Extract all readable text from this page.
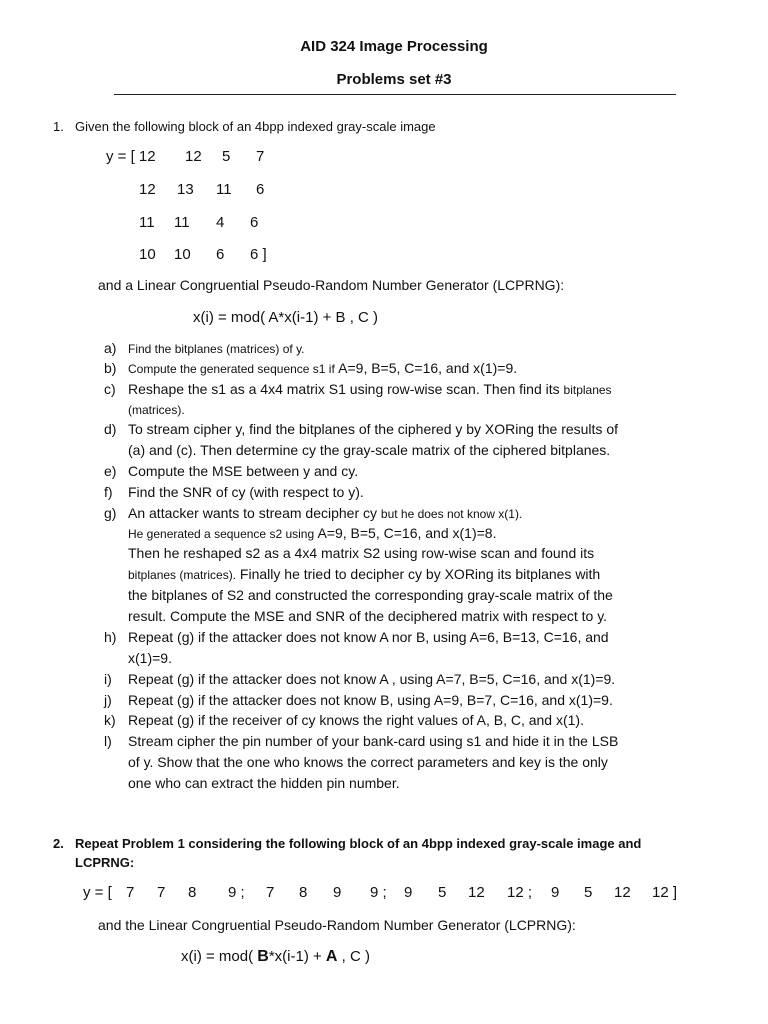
AID 324 Image Processing
Problems set #3
1. Given the following block of an 4bpp indexed gray-scale image
y = [ 12 12 5 7
12 13 11 6
11 11 4 6
10 10 6 6 ]
and a Linear Congruential Pseudo-Random Number Generator (LCPRNG):
x(i) = mod( A*x(i-1) + B , C )
a) Find the bitplanes (matrices) of y.
b) Compute the generated sequence s1 if A=9, B=5, C=16, and x(1)=9.
c) Reshape the s1 as a 4x4 matrix S1 using row-wise scan. Then find its bitplanes
(matrices).
d) To stream cipher y, find the bitplanes of the ciphered y by XORing the results of
(a) and (c). Then determine cy the gray-scale matrix of the ciphered bitplanes.
e) Compute the MSE between y and cy.
f) Find the SNR of cy (with respect to y).
g) An attacker wants to stream decipher cy but he does not know x(1).
He generated a sequence s2 using A=9, B=5, C=16, and x(1)=8.
Then he reshaped s2 as a 4x4 matrix S2 using row-wise scan and found its
bitplanes (matrices). Finally he tried to decipher cy by XORing its bitplanes with
the bitplanes of S2 and constructed the corresponding gray-scale matrix of the
result. Compute the MSE and SNR of the deciphered matrix with respect to y.
h) Repeat (g) if the attacker does not know A nor B, using A=6, B=13, C=16, and
x(1)=9.
i) Repeat (g) if the attacker does not know A , using A=7, B=5, C=16, and x(1)=9.
j) Repeat (g) if the attacker does not know B, using A=9, B=7, C=16, and x(1)=9.
k) Repeat (g) if the receiver of cy knows the right values of A, B, C, and x(1).
l) Stream cipher the pin number of your bank-card using s1 and hide it in the LSB
of y. Show that the one who knows the correct parameters and key is the only
one who can extract the hidden pin number.
2. Repeat Problem 1 considering the following block of an 4bpp indexed gray-scale image and
LCPRNG:
y = [ 7 7 8 9 ; 7 8 9 9 ; 9 5 12 12 ; 9 5 12 12 ]
and the Linear Congruential Pseudo-Random Number Generator (LCPRNG):
x(i) = mod( B*x(i-1) + A , C )
